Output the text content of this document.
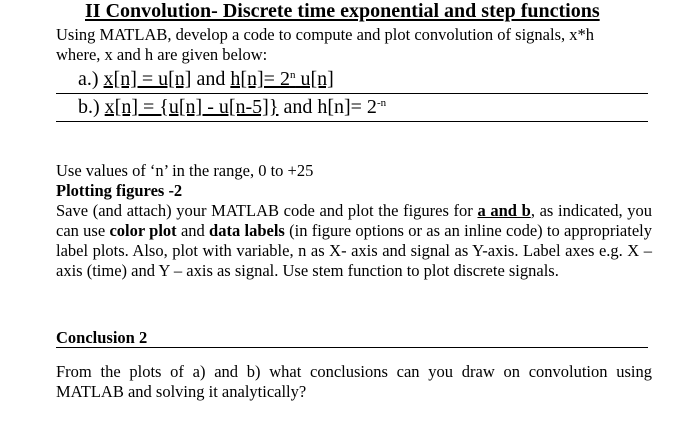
II Convolution- Discrete time exponential and step functions
Using MATLAB, develop a code to compute and plot convolution of signals, x*h
where, x and h are given below:
a.) x[n] = u[n] and $h[n]= 2^n$ u[n]
b.) x[n] = {u[n] - u[n-5]} and $h[n]= 2^{-n}$
Use values of ‘n’ in the range, 0 to +25
Plotting figures -2
Save (and attach) your MATLAB code and plot the figures for a and b, as indicated, you can use color plot and data labels (in figure options or as an inline code) to appropriately label plots. Also, plot with variable, n as X- axis and signal as Y-axis. Label axes e.g. X – axis (time) and Y – axis as signal. Use stem function to plot discrete signals.
Conclusion 2
From the plots of a) and b) what conclusions can you draw on convolution using MATLAB and solving it analytically?
